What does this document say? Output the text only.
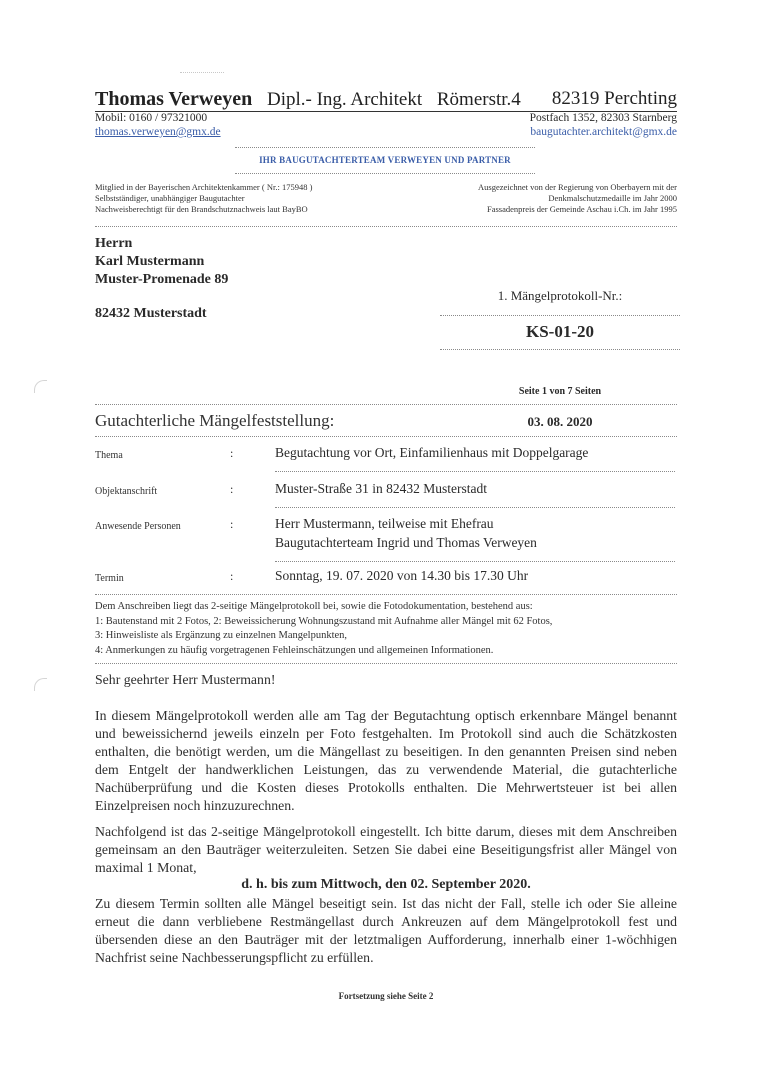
Thomas Verweyen Dipl.- Ing. Architekt Römerstr.4 82319 Perchting
Mobil: 0160 / 97321000
thomas.verweyen@gmx.de
Postfach 1352, 82303 Starnberg
baugutachter.architekt@gmx.de
IHR BAUGUTACHTERTEAM VERWEYEN UND PARTNER
Mitglied in der Bayerischen Architektenkammer ( Nr.: 175948 )
Selbstständiger, unabhängiger Baugutachter
Nachweisberechtigt für den Brandschutznachweis laut BayBO
Ausgezeichnet von der Regierung von Oberbayern mit der
Denkmalschutzmedaille im Jahr 2000
Fassadenpreis der Gemeinde Aschau i.Ch. im Jahr 1995
Herrn
Karl Mustermann
Muster-Promenade 89
82432 Musterstadt
1. Mängelprotokoll-Nr.:
KS-01-20
Seite 1 von 7 Seiten
Gutachterliche Mängelfeststellung:	03. 08. 2020
Thema	:	Begutachtung vor Ort, Einfamilienhaus mit Doppelgarage
Objektanschrift	:	Muster-Straße 31 in 82432 Musterstadt
Anwesende Personen	:	Herr Mustermann, teilweise mit Ehefrau
Baugutachterteam Ingrid und Thomas Verweyen
Termin	:	Sonntag, 19. 07. 2020 von 14.30 bis 17.30 Uhr
Dem Anschreiben liegt das 2-seitige Mängelprotokoll bei, sowie die Fotodokumentation, bestehend aus:
1: Bautenstand mit 2 Fotos, 2: Beweissicherung Wohnungszustand mit Aufnahme aller Mängel mit 62 Fotos,
3: Hinweisliste als Ergänzung zu einzelnen Mangelpunkten,
4: Anmerkungen zu häufig vorgetragenen Fehleinschätzungen und allgemeinen Informationen.
Sehr geehrter Herr Mustermann!
In diesem Mängelprotokoll werden alle am Tag der Begutachtung optisch erkennbare Mängel benannt und beweissichernd jeweils einzeln per Foto festgehalten. Im Protokoll sind auch die Schätzkosten enthalten, die benötigt werden, um die Mängellast zu beseitigen. In den genannten Preisen sind neben dem Entgelt der handwerklichen Leistungen, das zu verwendende Material, die gutachterliche Nachüberprüfung und die Kosten dieses Protokolls enthalten. Die Mehrwertsteuer ist bei allen Einzelpreisen noch hinzuzurechnen.
Nachfolgend ist das 2-seitige Mängelprotokoll eingestellt. Ich bitte darum, dieses mit dem Anschreiben gemeinsam an den Bauträger weiterzuleiten. Setzen Sie dabei eine Beseitigungsfrist aller Mängel von maximal 1 Monat,
d. h. bis zum Mittwoch, den 02. September 2020.
Zu diesem Termin sollten alle Mängel beseitigt sein. Ist das nicht der Fall, stelle ich oder Sie alleine erneut die dann verbliebene Restmängellast durch Ankreuzen auf dem Mängelprotokoll fest und übersenden diese an den Bauträger mit der letztmaligen Aufforderung, innerhalb einer 1-wöchhigen Nachfrist seine Nachbesserungspflicht zu erfüllen.
Fortsetzung siehe Seite 2
